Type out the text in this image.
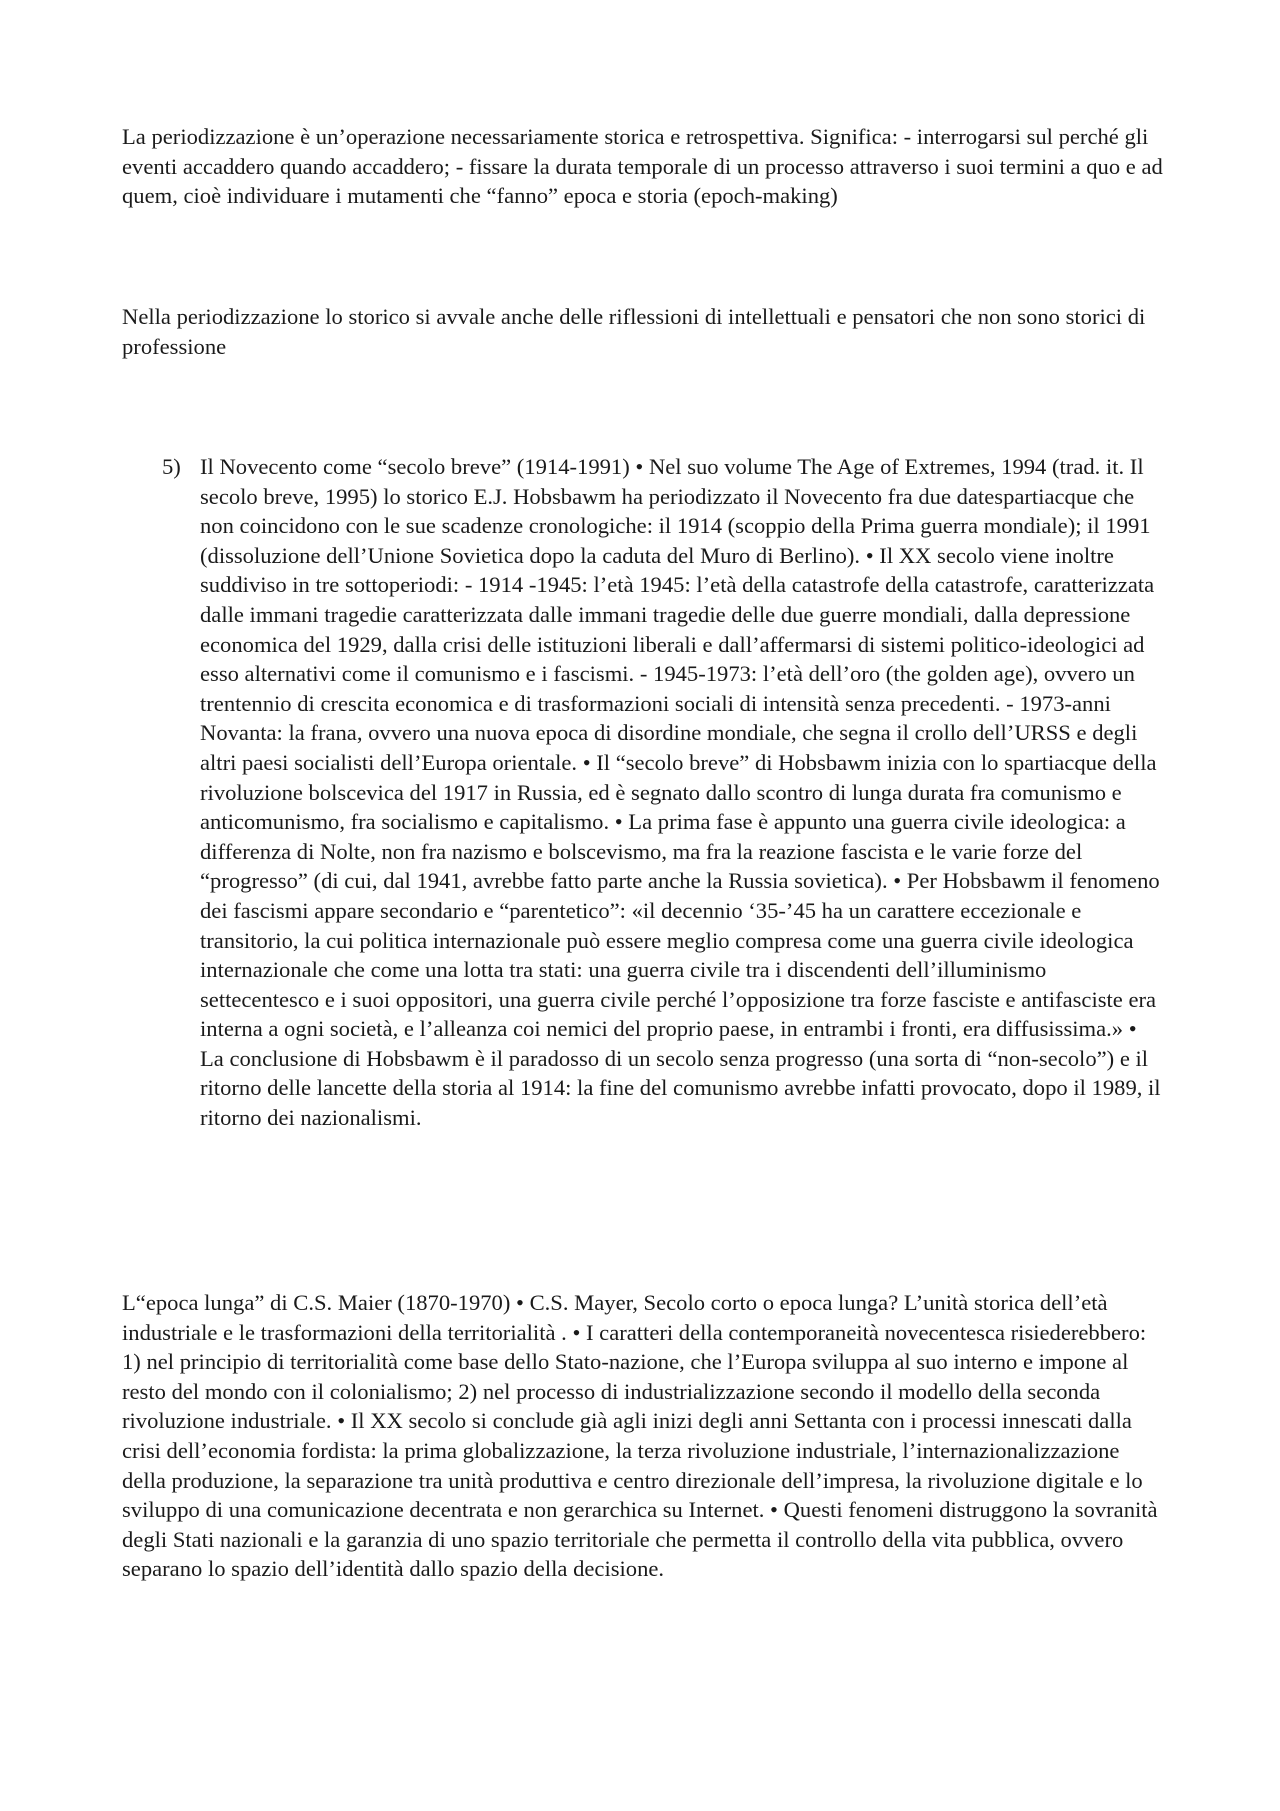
La periodizzazione è un’operazione necessariamente storica e retrospettiva. Significa: - interrogarsi sul perché gli eventi accaddero quando accaddero; - fissare la durata temporale di un processo attraverso i suoi termini a quo e ad quem, cioè individuare i mutamenti che “fanno” epoca e storia (epoch-making)

Nella periodizzazione lo storico si avvale anche delle riflessioni di intellettuali e pensatori che non sono storici di professione

5) Il Novecento come “secolo breve” (1914-1991) • Nel suo volume The Age of Extremes, 1994 (trad. it. Il secolo breve, 1995) lo storico E.J. Hobsbawm ha periodizzato il Novecento fra due datespartiacque che non coincidono con le sue scadenze cronologiche: il 1914 (scoppio della Prima guerra mondiale); il 1991 (dissoluzione dell’Unione Sovietica dopo la caduta del Muro di Berlino). • Il XX secolo viene inoltre suddiviso in tre sottoperiodi: - 1914 -1945: l’età 1945: l’età della catastrofe della catastrofe, caratterizzata dalle immani tragedie caratterizzata dalle immani tragedie delle due guerre mondiali, dalla depressione economica del 1929, dalla crisi delle istituzioni liberali e dall’affermarsi di sistemi politico-ideologici ad esso alternativi come il comunismo e i fascismi. - 1945-1973: l’età dell’oro (the golden age), ovvero un trentennio di crescita economica e di trasformazioni sociali di intensità senza precedenti. - 1973-anni Novanta: la frana, ovvero una nuova epoca di disordine mondiale, che segna il crollo dell’URSS e degli altri paesi socialisti dell’Europa orientale. • Il “secolo breve” di Hobsbawm inizia con lo spartiacque della rivoluzione bolscevica del 1917 in Russia, ed è segnato dallo scontro di lunga durata fra comunismo e anticomunismo, fra socialismo e capitalismo. • La prima fase è appunto una guerra civile ideologica: a differenza di Nolte, non fra nazismo e bolscevismo, ma fra la reazione fascista e le varie forze del “progresso” (di cui, dal 1941, avrebbe fatto parte anche la Russia sovietica). • Per Hobsbawm il fenomeno dei fascismi appare secondario e “parentetico”: «il decennio ‘35-’45 ha un carattere eccezionale e transitorio, la cui politica internazionale può essere meglio compresa come una guerra civile ideologica internazionale che come una lotta tra stati: una guerra civile tra i discendenti dell’illuminismo settecentesco e i suoi oppositori, una guerra civile perché l’opposizione tra forze fasciste e antifasciste era interna a ogni società, e l’alleanza coi nemici del proprio paese, in entrambi i fronti, era diffusissima.» • La conclusione di Hobsbawm è il paradosso di un secolo senza progresso (una sorta di “non-secolo”) e il ritorno delle lancette della storia al 1914: la fine del comunismo avrebbe infatti provocato, dopo il 1989, il ritorno dei nazionalismi.

L“epoca lunga” di C.S. Maier (1870-1970) • C.S. Mayer, Secolo corto o epoca lunga? L’unità storica dell’età industriale e le trasformazioni della territorialità . • I caratteri della contemporaneità novecentesca risiederebbero: 1) nel principio di territorialità come base dello Stato-nazione, che l’Europa sviluppa al suo interno e impone al resto del mondo con il colonialismo; 2) nel processo di industrializzazione secondo il modello della seconda rivoluzione industriale. • Il XX secolo si conclude già agli inizi degli anni Settanta con i processi innescati dalla crisi dell’economia fordista: la prima globalizzazione, la terza rivoluzione industriale, l’internazionalizzazione della produzione, la separazione tra unità produttiva e centro direzionale dell’impresa, la rivoluzione digitale e lo sviluppo di una comunicazione decentrata e non gerarchica su Internet. • Questi fenomeni distruggono la sovranità degli Stati nazionali e la garanzia di uno spazio territoriale che permetta il controllo della vita pubblica, ovvero separano lo spazio dell’identità dallo spazio della decisione.
